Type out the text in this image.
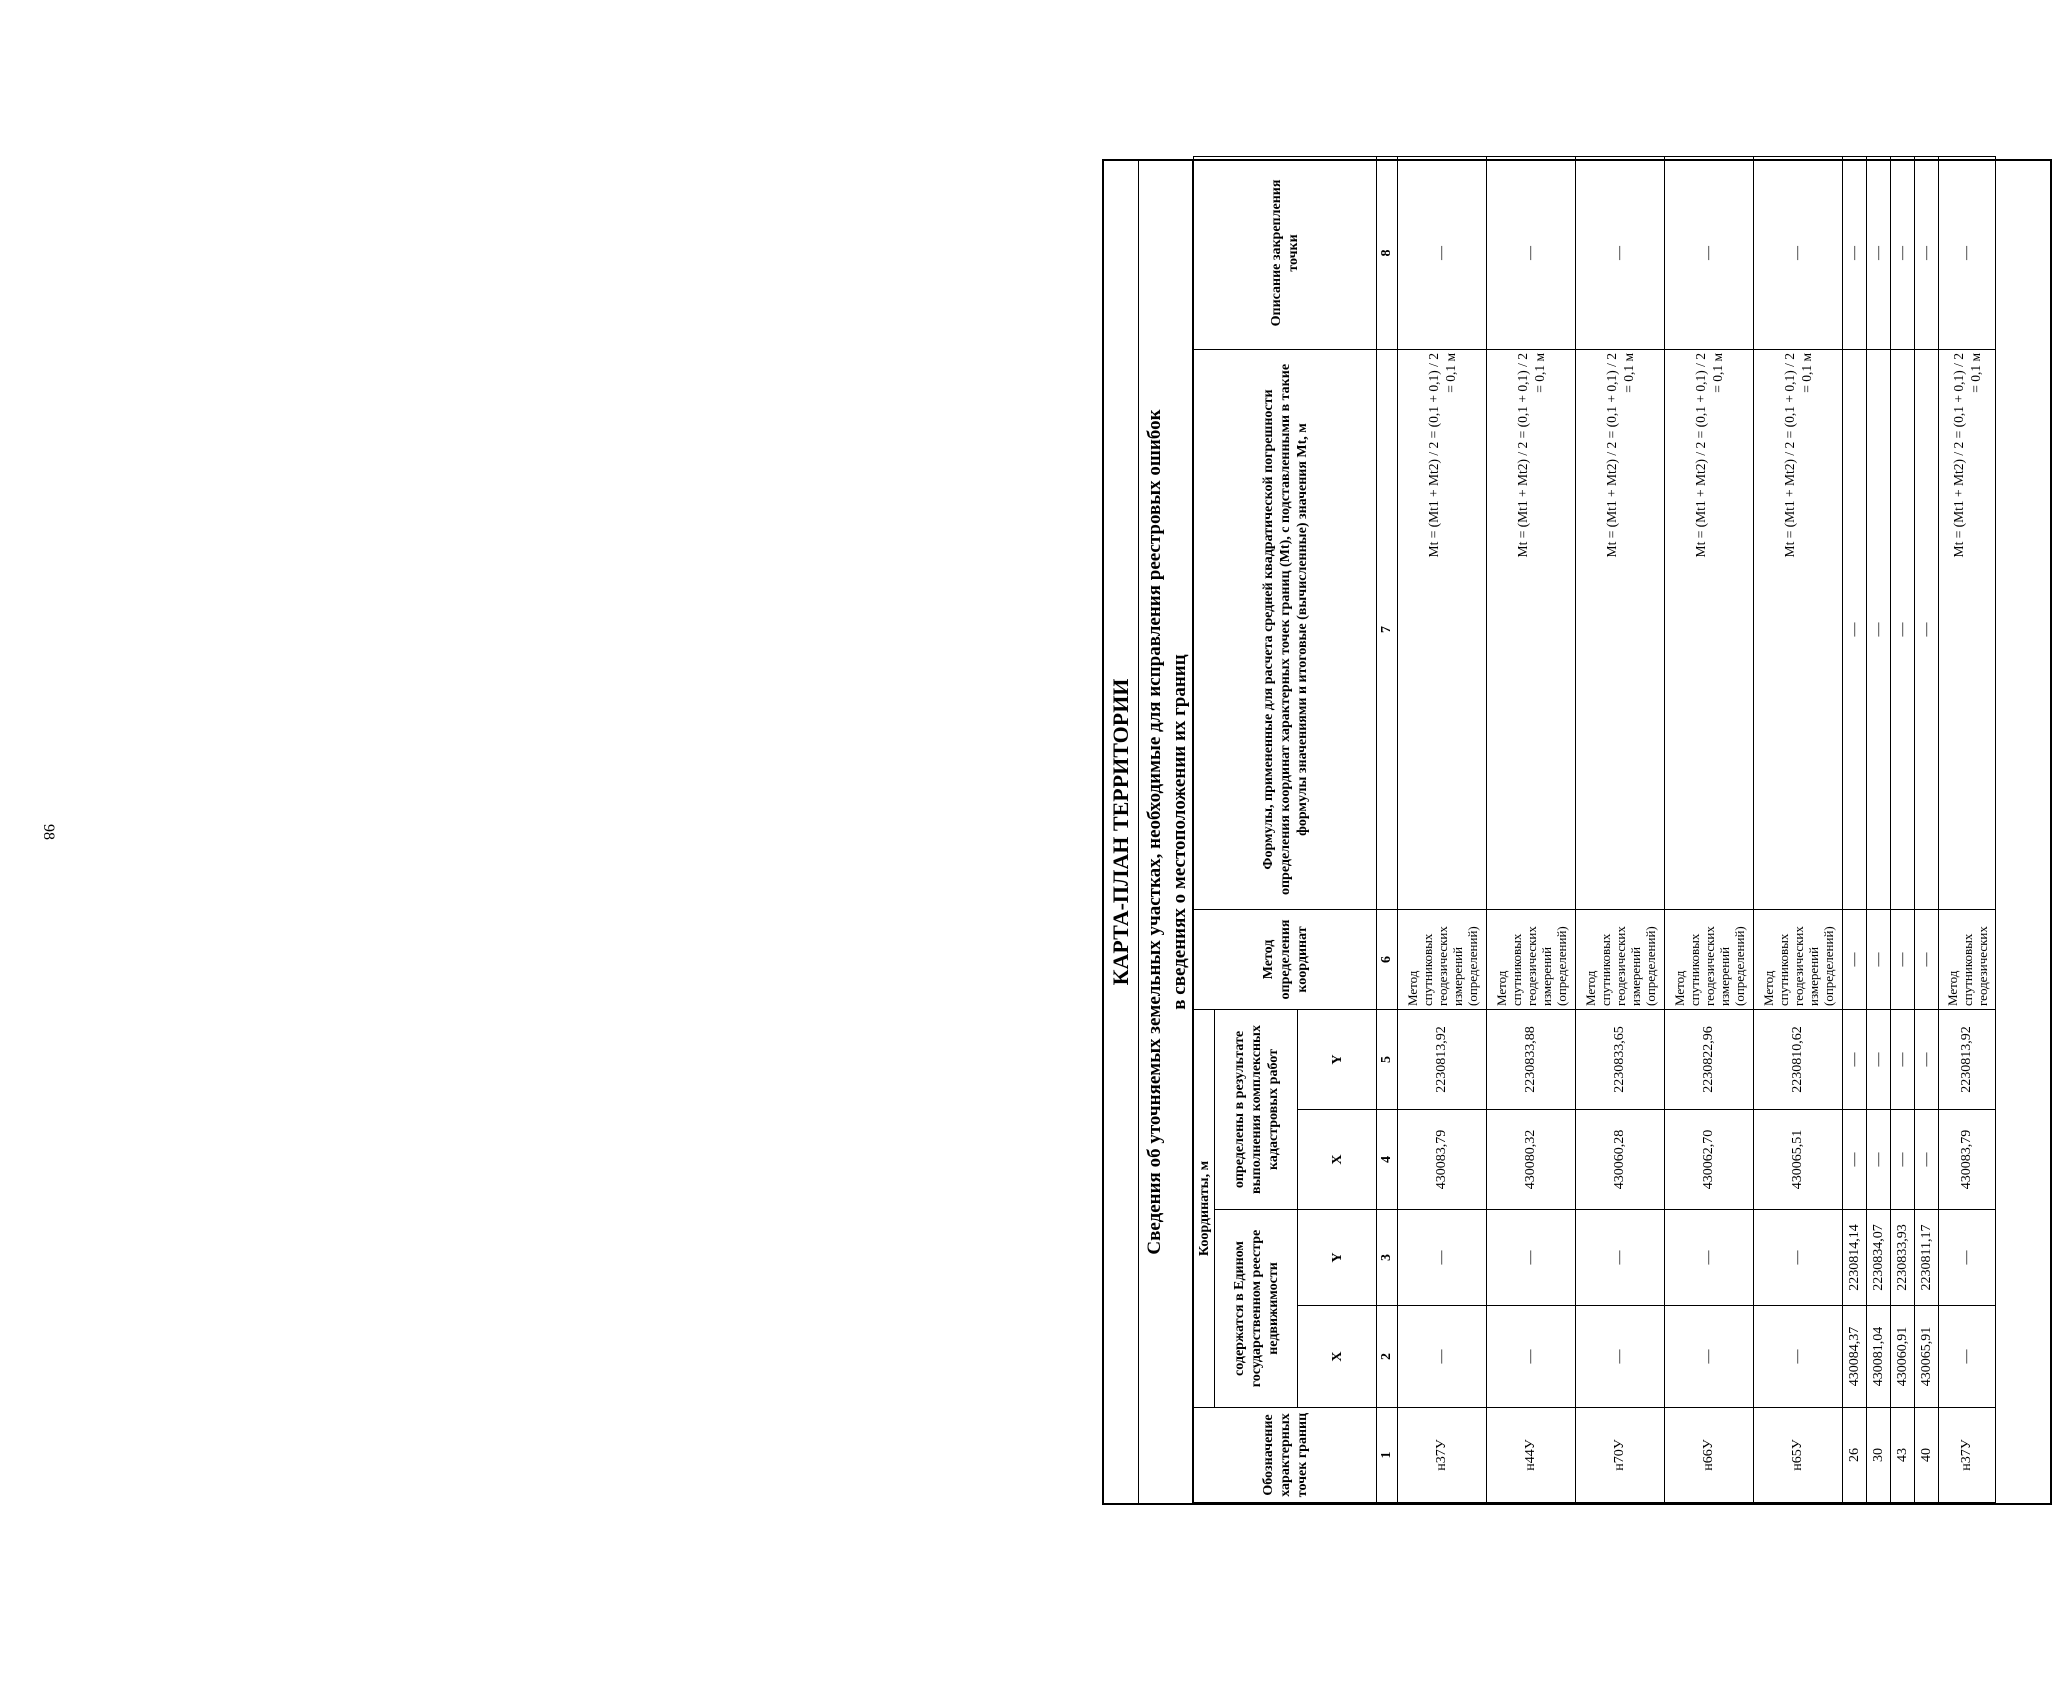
98	КАРТА-ПЛАН ТЕРРИТОРИИ Сведения об уточняемых земельных участках, необходимые для исправления реестровых ошибок в сведениях о местоположении их границ
Обозначение характерных точек границ	Координаты, м				Метод определения координат	Формулы, примененные для расчета средней квадратической погрешности определения координат характерных точек границ (Мt), с подставленными в такие формулы значениями и итоговые (вычисленные) значения Мt, м	Описание закрепления точки
	содержатся в Едином государственном реестре недвижимости		определены в результате выполнения комплексных кадастровых работ				
	X	Y	X	Y			
1	2	3	4	5	6	7	8
н37У	—	—	430083,79	2230813,92	Метод спутниковых геодезических измерений (определений)	Mt = (Mt1 + Mt2) / 2 = (0,1 + 0,1) / 2 = 0,1 м	—
н44У	—	—	430080,32	2230833,88	Метод спутниковых геодезических измерений (определений)	Mt = (Mt1 + Mt2) / 2 = (0,1 + 0,1) / 2 = 0,1 м	—
н70У	—	—	430060,28	2230833,65	Метод спутниковых геодезических измерений (определений)	Mt = (Mt1 + Mt2) / 2 = (0,1 + 0,1) / 2 = 0,1 м	—
н66У	—	—	430062,70	2230822,96	Метод спутниковых геодезических измерений (определений)	Mt = (Mt1 + Mt2) / 2 = (0,1 + 0,1) / 2 = 0,1 м	—
н65У	—	—	430065,51	2230810,62	Метод спутниковых геодезических измерений (определений)	Mt = (Mt1 + Mt2) / 2 = (0,1 + 0,1) / 2 = 0,1 м	—
26	430084,37	2230814,14	—	—	—	—	—
30	430081,04	2230834,07	—	—	—	—	—
43	430060,91	2230833,93	—	—	—	—	—
40	430065,91	2230811,17	—	—	—	—	—
н37У	—	—	430083,79	2230813,92	Метод спутниковых геодезических	Mt = (Mt1 + Mt2) / 2 = (0,1 + 0,1) / 2 = 0,1 м	—
